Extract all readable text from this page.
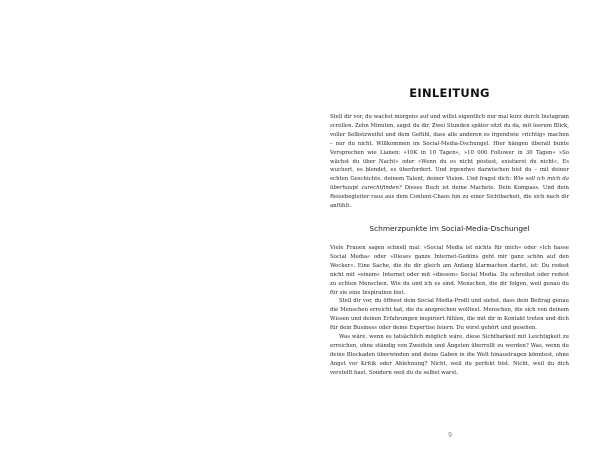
EINLEITUNG

Stell dir vor, du wachst morgens auf und willst eigentlich nur mal kurz durch Instagram scrollen. Zehn Minuten, sagst du dir. Zwei Stunden später sitzt du da, mit leerem Blick, voller Selbstzweifel und dem Gefühl, dass alle anderen es irgendwie »richtig« machen – nur du nicht. Willkommen im Social-Media-Dschungel. Hier hängen überall bunte Versprechen wie Lianen: »10K in 10 Tagen«, »10 000 Follower in 30 Tagen« »So wächst du über Nacht« oder »Wenn du es nicht postest, existierst du nicht«. Es wuchert, es blendet, es überfordert. Und irgendwo dazwischen bist du – mit deiner echten Geschichte, deinem Talent, deiner Vision. Und fragst dich: Wie soll ich mich da überhaupt zurechtfinden? Dieses Buch ist deine Machete. Dein Kompass. Und dein Reisebegleiter raus aus dem Content-Chaos hin zu einer Sichtbarkeit, die sich nach dir anfühlt.

Schmerzpunkte im Social-Media-Dschungel

Viele Frauen sagen schnell mal: »Social Media ist nichts für mich« oder »Ich hasse Social Media« oder »Dieses ganze Internet-Gedöns geht mir ganz schön auf den Wecker«. Eine Sache, die du dir gleich am Anfang klarmachen darfst, ist: Du redest nicht mit »einem« Internet oder mit »diesem« Social Media. Du schreibst oder redest zu echten Menschen. Wie du und ich es sind. Menschen, die dir folgen, weil genau du für sie eine Inspiration bist.

Stell dir vor, du öffnest dein Social Media-Profil und siehst, dass dein Beitrag genau die Menschen erreicht hat, die du ansprechen wolltest. Menschen, die sich von deinem Wissen und deinen Erfahrungen inspiriert fühlen, die mit dir in Kontakt treten und dich für dein Business oder deine Expertise feiern. Du wirst gehört und gesehen.

Was wäre, wenn es tatsächlich möglich wäre, diese Sichtbarkeit mit Leichtigkeit zu erreichen, ohne ständig von Zweifeln und Ängsten überrollt zu werden? Was, wenn du deine Blockaden überwinden und deine Gaben in die Welt hinaustragen könntest, ohne Angst vor Kritik oder Ablehnung? Nicht, weil du perfekt bist. Nicht, weil du dich verstellt hast. Sondern weil du du selbst warst.

9
